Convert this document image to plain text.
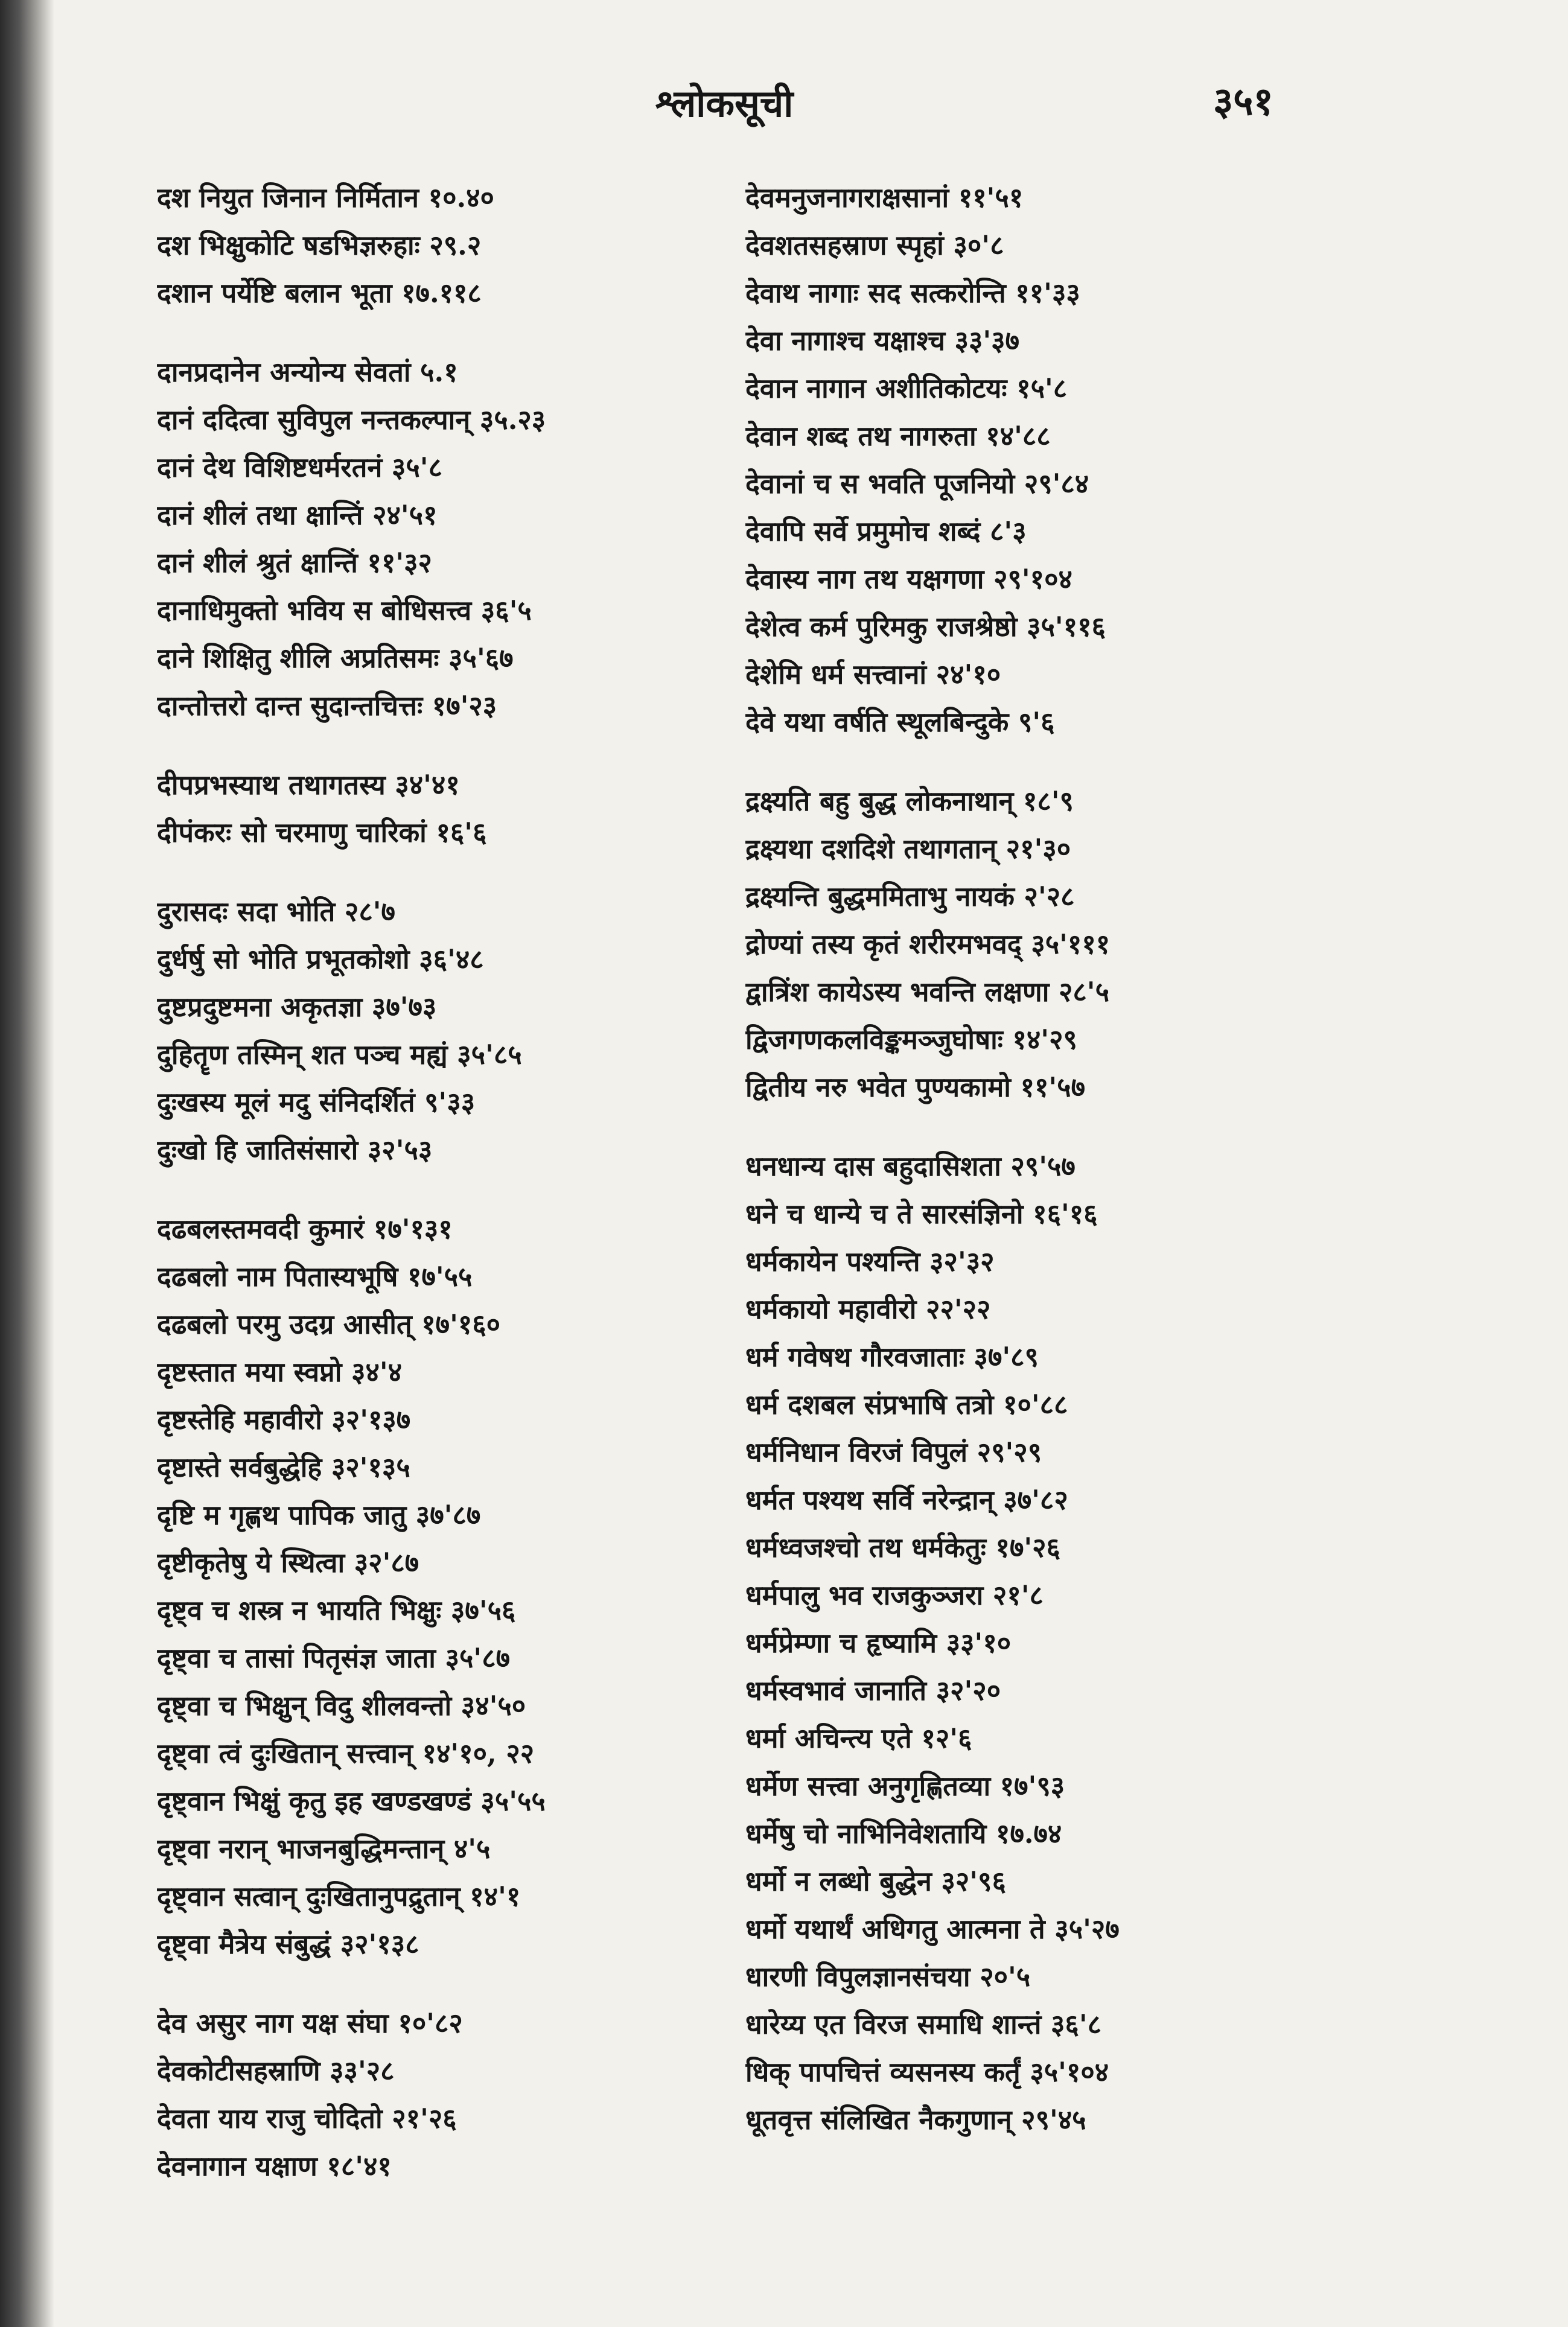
श्लोकसूची	३५१
दश नियुत जिनान निर्मितान १०.४०
दश भिक्षुकोटि षडभिज्ञरुहाः २९.२
दशान पर्येष्टि बलान भूता १७.११८
दानप्रदानेन अन्योन्य सेवतां ५.१
दानं ददित्वा सुविपुल नन्तकल्पान् ३५.२३
दानं देथ विशिष्टधर्मरतनं ३५'८
दानं शीलं तथा क्षान्तिं २४'५१
दानं शीलं श्रुतं क्षान्तिं ११'३२
दानाधिमुक्तो भविय स बोधिसत्त्व ३६'५
दाने शिक्षितु शीलि अप्रतिसमः ३५'६७
दान्तोत्तरो दान्त सुदान्तचित्तः १७'२३
दीपप्रभस्याथ तथागतस्य ३४'४१
दीपंकरः सो चरमाणु चारिकां १६'६
दुरासदः सदा भोति २८'७
दुर्धर्षु सो भोति प्रभूतकोशो ३६'४८
दुष्टप्रदुष्टमना अकृतज्ञा ३७'७३
दुहितॄण तस्मिन् शत पञ्च मह्यं ३५'८५
दुःखस्य मूलं मदु संनिदर्शितं ९'३३
दुःखो हि जातिसंसारो ३२'५३
दढबलस्तमवदी कुमारं १७'१३१
दढबलो नाम पितास्यभूषि १७'५५
दढबलो परमु उदग्र आसीत् १७'१६०
दृष्टस्तात मया स्वप्नो ३४'४
दृष्टस्तेहि महावीरो ३२'१३७
दृष्टास्ते सर्वबुद्धेहि ३२'१३५
दृष्टि म गृह्णथ पापिक जातु ३७'८७
दृष्टीकृतेषु ये स्थित्वा ३२'८७
दृष्ट्व च शस्त्र न भायति भिक्षुः ३७'५६
दृष्ट्वा च तासां पितृसंज्ञ जाता ३५'८७
दृष्ट्वा च भिक्षुन् विदु शीलवन्तो ३४'५०
दृष्ट्वा त्वं दुःखितान् सत्त्वान् १४'१०, २२
दृष्ट्वान भिक्षुं कृतु इह खण्डखण्डं ३५'५५
दृष्ट्वा नरान् भाजनबुद्धिमन्तान् ४'५
दृष्ट्वान सत्वान् दुःखितानुपद्रुतान् १४'१
दृष्ट्वा मैत्रेय संबुद्धं ३२'१३८
देव असुर नाग यक्ष संघा १०'८२
देवकोटीसहस्राणि ३३'२८
देवता याय राजु चोदितो २१'२६
देवनागान यक्षाण १८'४१
देवमनुजनागराक्षसानां ११'५१
देवशतसहस्राण स्पृहां ३०'८
देवाथ नागाः सद सत्करोन्ति ११'३३
देवा नागाश्च यक्षाश्च ३३'३७
देवान नागान अशीतिकोटयः १५'८
देवान शब्द तथ नागरुता १४'८८
देवानां च स भवति पूजनियो २९'८४
देवापि सर्वे प्रमुमोच शब्दं ८'३
देवास्य नाग तथ यक्षगणा २९'१०४
देशेत्व कर्म पुरिमकु राजश्रेष्ठो ३५'११६
देशेमि धर्म सत्त्वानां २४'१०
देवे यथा वर्षति स्थूलबिन्दुके ९'६
द्रक्ष्यति बहु बुद्ध लोकनाथान् १८'९
द्रक्ष्यथा दशदिशे तथागतान् २१'३०
द्रक्ष्यन्ति बुद्धममिताभु नायकं २'२८
द्रोण्यां तस्य कृतं शरीरमभवद् ३५'१११
द्वात्रिंश कायेऽस्य भवन्ति लक्षणा २८'५
द्विजगणकलविङ्कमञ्जुघोषाः १४'२९
द्वितीय नरु भवेत पुण्यकामो ११'५७
धनधान्य दास बहुदासिशता २९'५७
धने च धान्ये च ते सारसंज्ञिनो १६'१६
धर्मकायेन पश्यन्ति ३२'३२
धर्मकायो महावीरो २२'२२
धर्म गवेषथ गौरवजाताः ३७'८९
धर्म दशबल संप्रभाषि तत्रो १०'८८
धर्मनिधान विरजं विपुलं २९'२९
धर्मत पश्यथ सर्वि नरेन्द्रान् ३७'८२
धर्मध्वजश्चो तथ धर्मकेतुः १७'२६
धर्मपालु भव राजकुञ्जरा २१'८
धर्मप्रेम्णा च हृष्यामि ३३'१०
धर्मस्वभावं जानाति ३२'२०
धर्मा अचिन्त्य एते १२'६
धर्मेण सत्त्वा अनुगृह्णितव्या १७'९३
धर्मेषु चो नाभिनिवेशतायि १७.७४
धर्मो न लब्धो बुद्धेन ३२'९६
धर्मो यथार्थं अधिगतु आत्मना ते ३५'२७
धारणी विपुलज्ञानसंचया २०'५
धारेय्य एत विरज समाधि शान्तं ३६'८
धिक् पापचित्तं व्यसनस्य कर्तृं ३५'१०४
धूतवृत्त संलिखित नैकगुणान् २९'४५
